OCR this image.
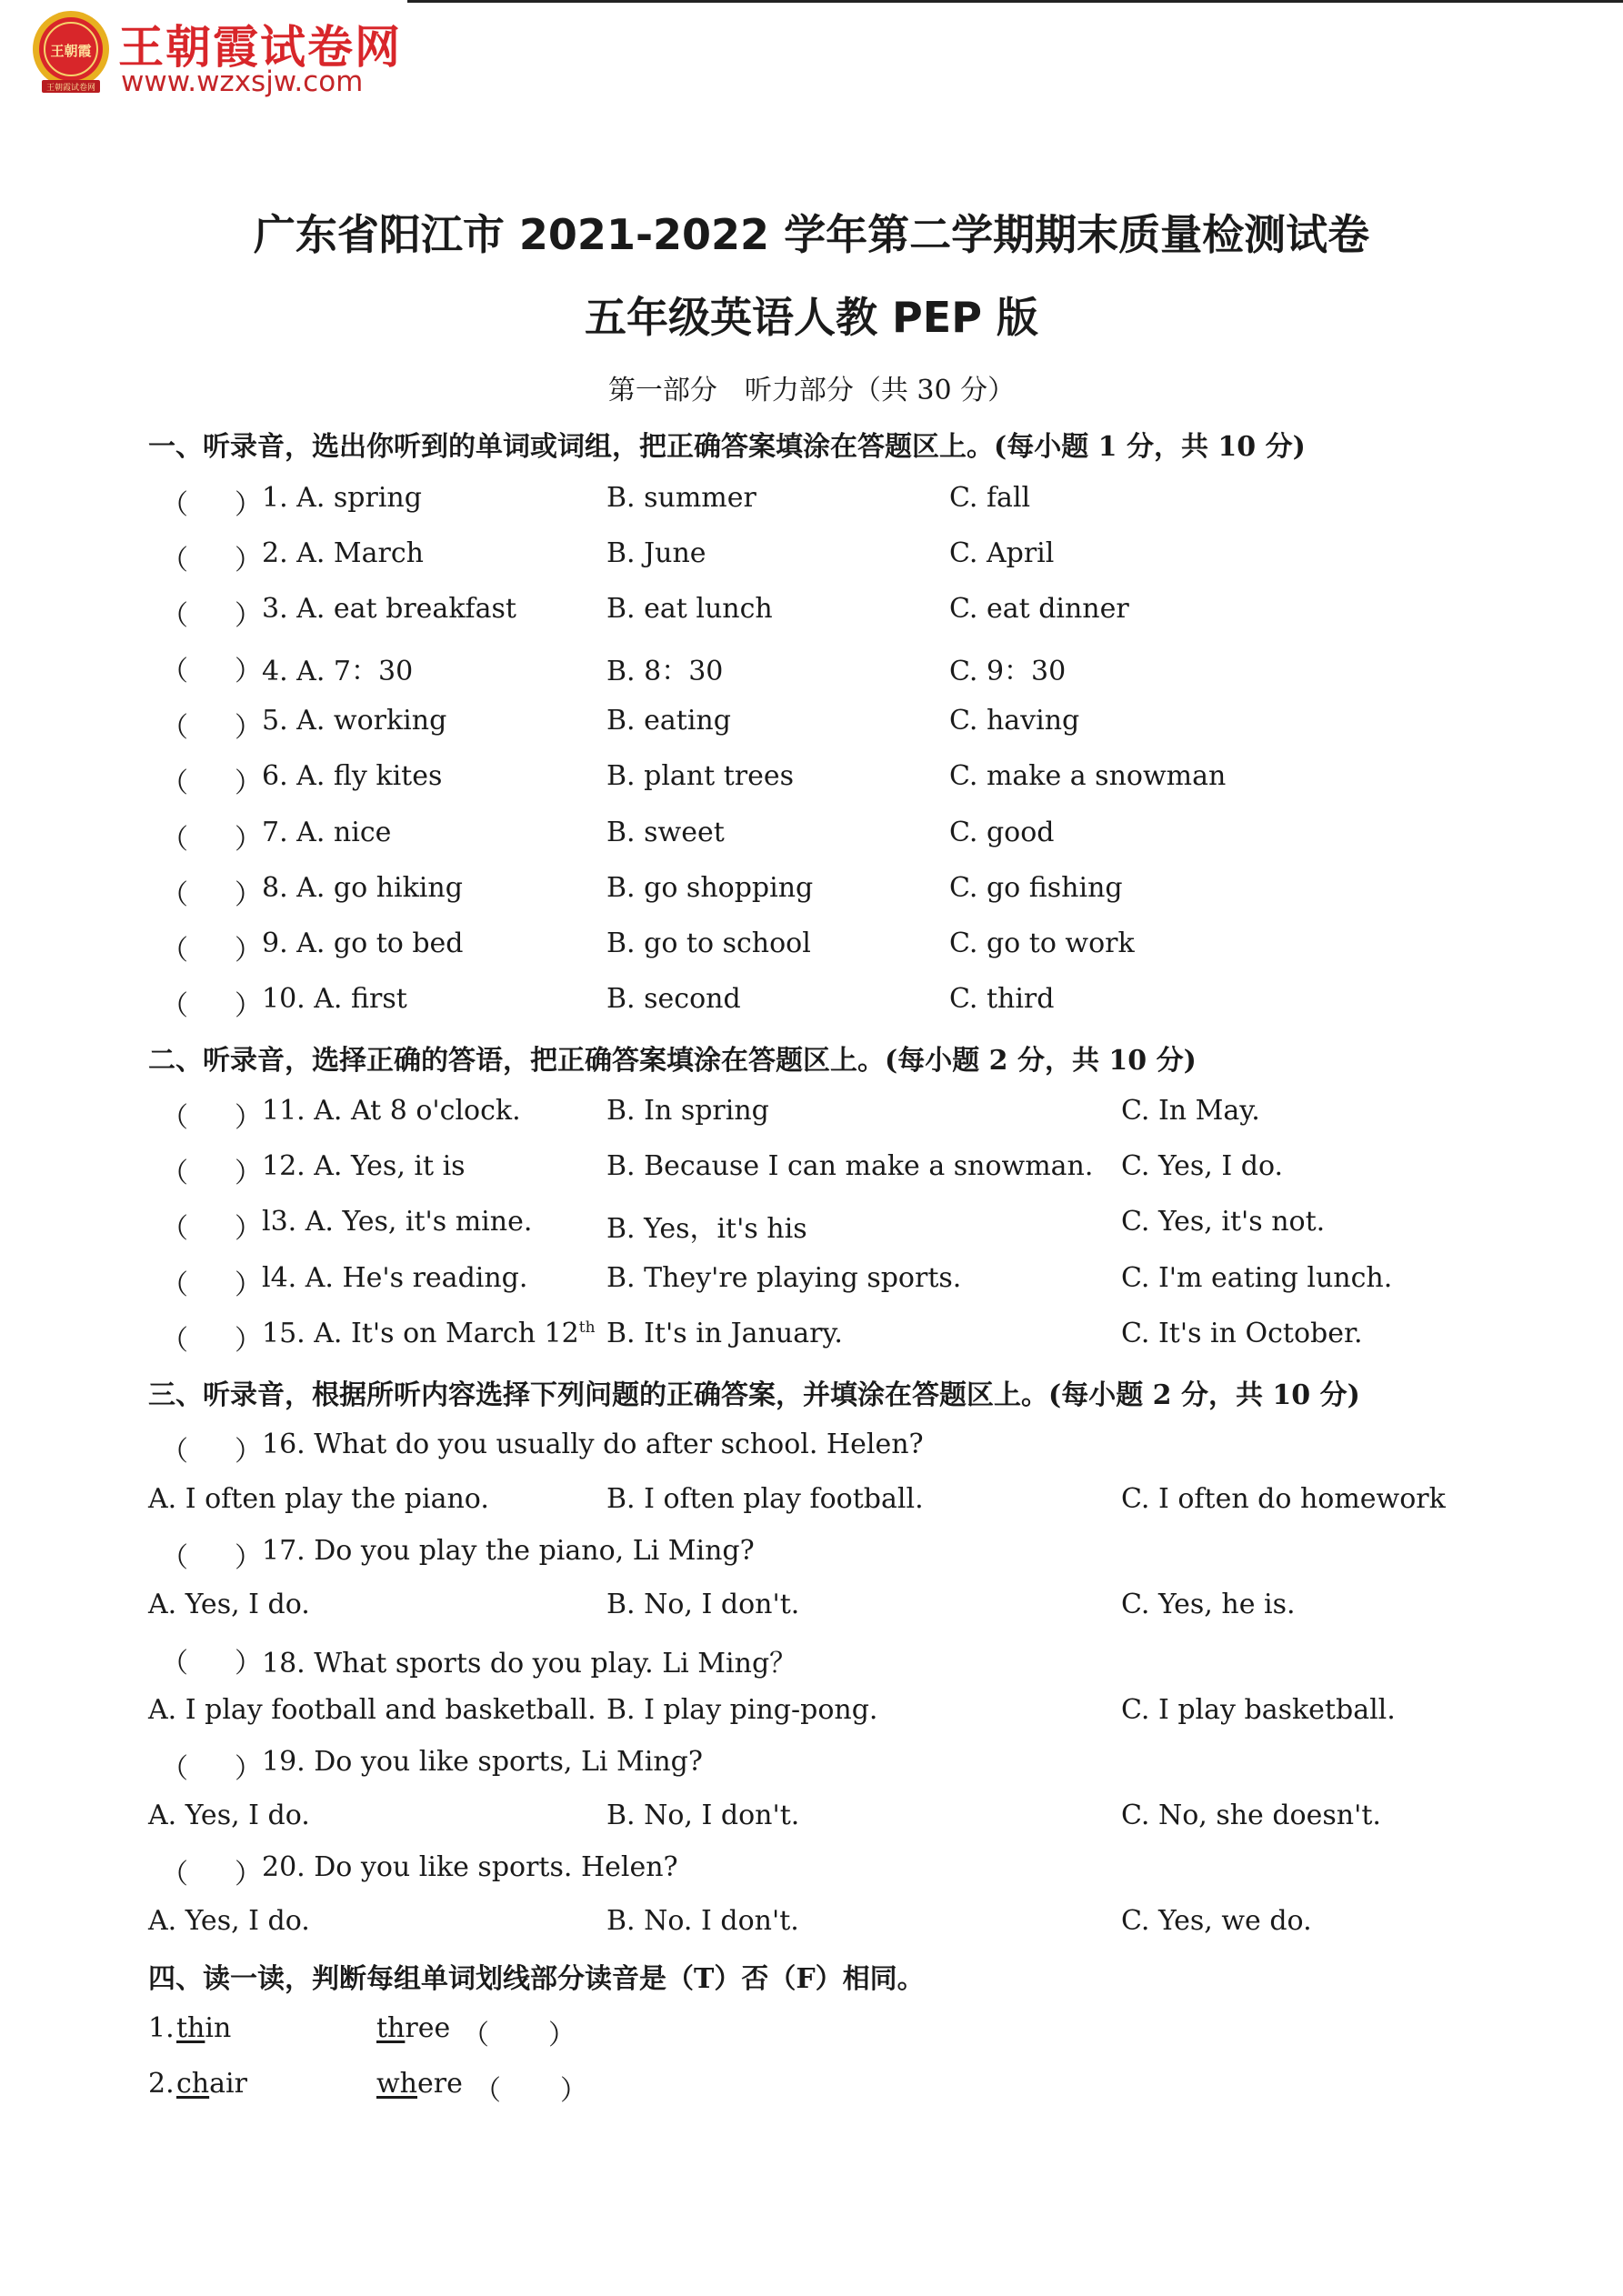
王朝霞
王朝霞试卷网
王朝霞试卷网
www.wzxsjw.com
广东省阳江市 2021-2022 学年第二学期期末质量检测试卷
五年级英语人教 PEP 版
第一部分　听力部分（共 30 分）
一、听录音，选出你听到的单词或词组，把正确答案填涂在答题区上。(每小题 1 分，共 10 分)
（ ） 1. A. spring	B. summer	C. fall
（ ） 2. A. March	B. June	C. April
（ ） 3. A. eat breakfast	B. eat lunch	C. eat dinner
（ ） 4. A. 7：30	B. 8：30	C. 9：30
（ ） 5. A. working	B. eating	C. having
（ ） 6. A. fly kites	B. plant trees	C. make a snowman
（ ） 7. A. nice	B. sweet	C. good
（ ） 8. A. go hiking	B. go shopping	C. go fishing
（ ） 9. A. go to bed	B. go to school	C. go to work
（ ） 10. A. first	B. second	C. third
二、听录音，选择正确的答语，把正确答案填涂在答题区上。(每小题 2 分，共 10 分)
（ ） 11. A. At 8 o'clock.	B. In spring	C. In May.
（ ） 12. A. Yes, it is	B. Because I can make a snowman. C. Yes, I do.
（ ） l3. A. Yes, it's mine.	B. Yes，it's his	C. Yes, it's not.
（ ） l4. A. He's reading.	B. They're playing sports.	C. I'm eating lunch.
（ ） 15. A. It's on March 12th B. It's in January.	C. It's in October.
三、听录音，根据所听内容选择下列问题的正确答案，并填涂在答题区上。(每小题 2 分，共 10 分)
（ ） 16. What do you usually do after school. Helen?
A. I often play the piano.	B. I often play football.	C. I often do homework
（ ） 17. Do you play the piano, Li Ming?
A. Yes, I do.	B. No, I don't.	C. Yes, he is.
（ ） 18. What sports do you play. Li Ming？
A. I play football and basketball. B. I play ping-pong.	C. I play basketball.
（ ） 19. Do you like sports, Li Ming?
A. Yes, I do.	B. No, I don't.	C. No, she doesn't.
（ ） 20. Do you like sports. Helen?
A. Yes, I do.	B. No. I don't.	C. Yes, we do.
四、读一读，判断每组单词划线部分读音是（T）否（F）相同。
1. thin	three （ ）
2. chair	where （ ）
